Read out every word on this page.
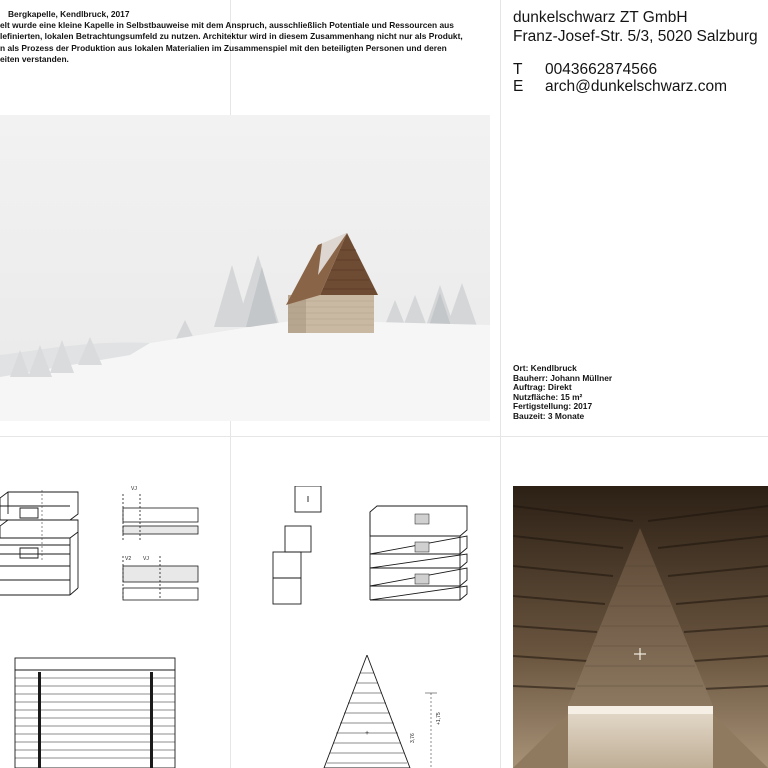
Bergkapelle, Kendlbruck, 2017
elt wurde eine kleine Kapelle in Selbstbauweise mit dem Anspruch, ausschließlich Potentiale und Ressourcen aus
lefinierten, lokalen Betrachtungsumfeld zu nutzen. Architektur wird in diesem Zusammenhang nicht nur als Produkt,
n als Prozess der Produktion aus lokalen Materialien im Zusammenspiel mit den beteiligten Personen und deren
eiten verstanden.
dunkelschwarz ZT GmbH
Franz-Josef-Str. 5/3, 5020 Salzburg
T	0043662874566
E	arch@dunkelschwarz.com
Ort: Kendlbruck
Bauherr: Johann Müllner
Auftrag: Direkt
Nutzfläche: 15 m²
Fertigstellung: 2017
Bauzeit: 3 Monate
VJ
V2 VJ
+	3,76
+1,75
